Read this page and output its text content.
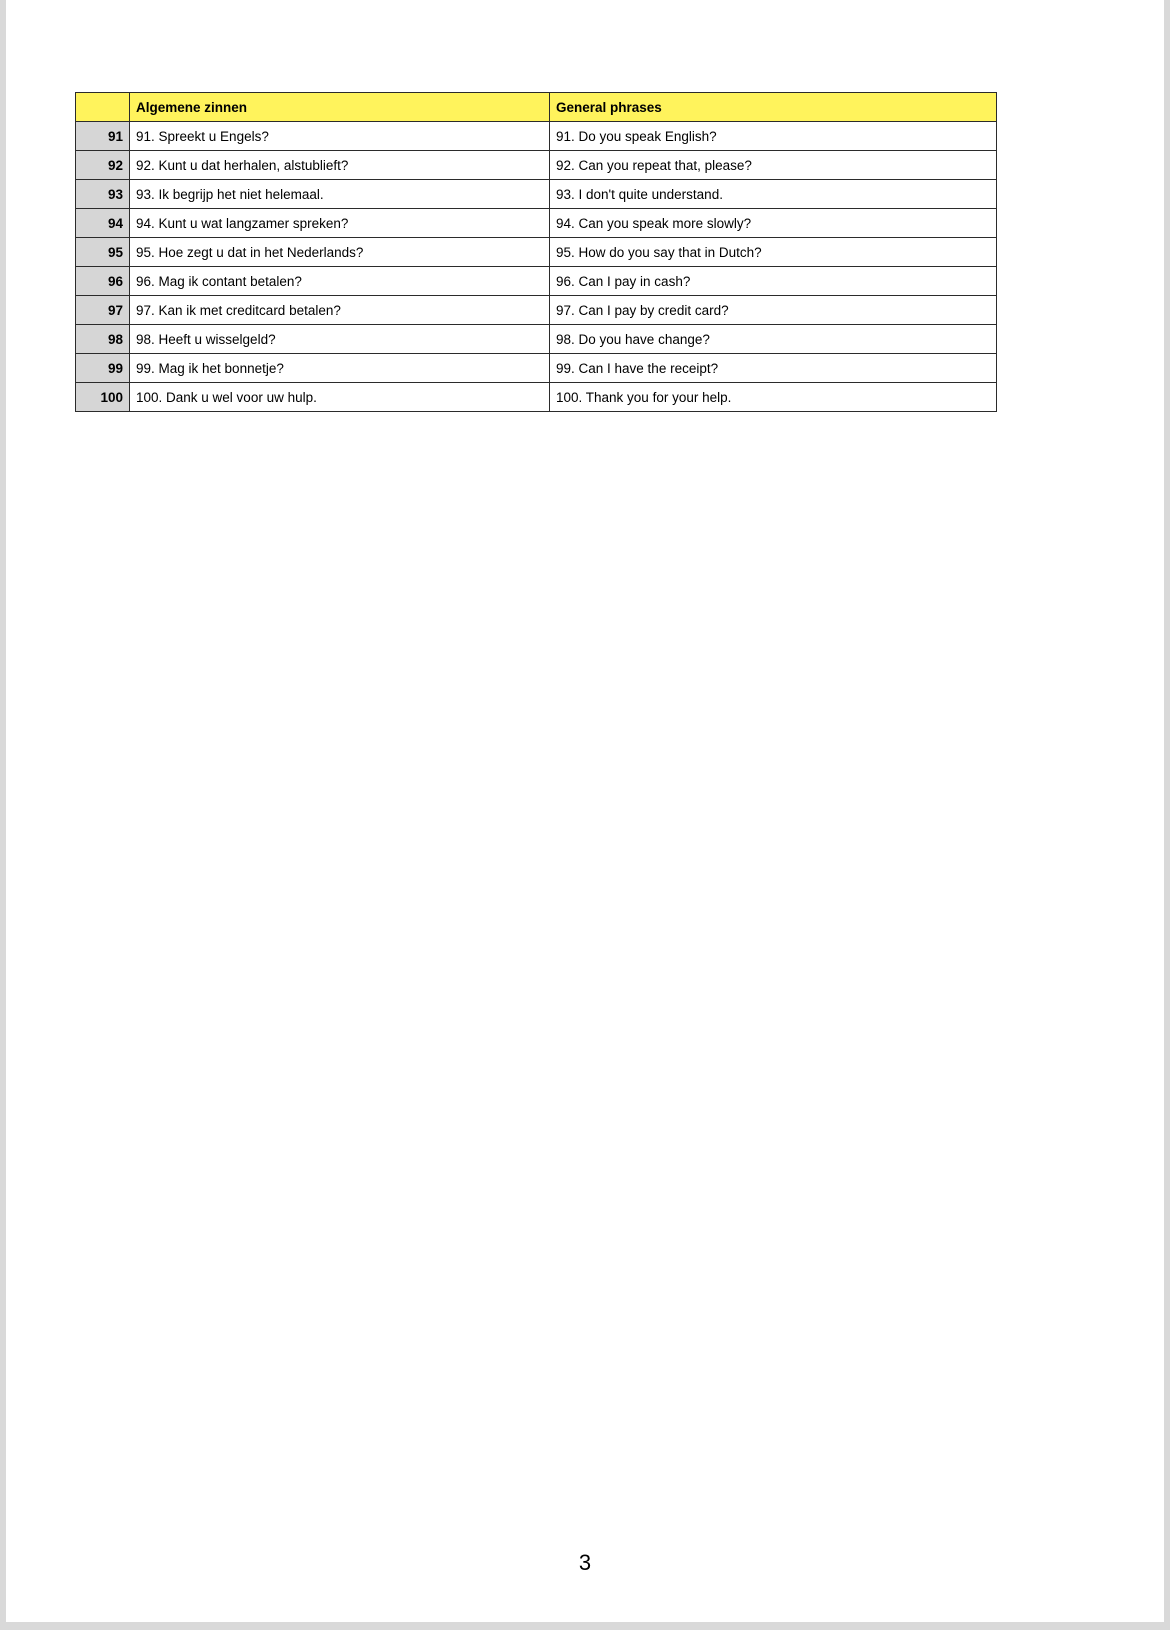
	Algemene zinnen	General phrases
91	91. Spreekt u Engels?	91. Do you speak English?
92	92. Kunt u dat herhalen, alstublieft?	92. Can you repeat that, please?
93	93. Ik begrijp het niet helemaal.	93. I don't quite understand.
94	94. Kunt u wat langzamer spreken?	94. Can you speak more slowly?
95	95. Hoe zegt u dat in het Nederlands?	95. How do you say that in Dutch?
96	96. Mag ik contant betalen?	96. Can I pay in cash?
97	97. Kan ik met creditcard betalen?	97. Can I pay by credit card?
98	98. Heeft u wisselgeld?	98. Do you have change?
99	99. Mag ik het bonnetje?	99. Can I have the receipt?
100	100. Dank u wel voor uw hulp.	100. Thank you for your help.
3
